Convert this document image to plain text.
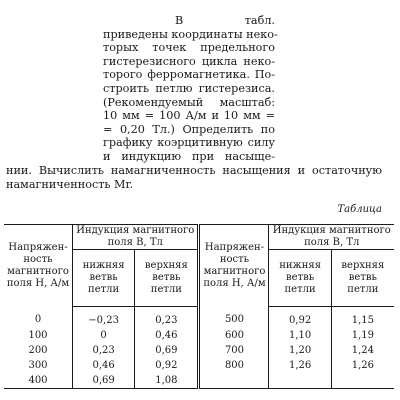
В табл.
приведены координаты неко-
торых точек предельного
гистерезисного цикла неко-
торого ферромагнетика. По-
строить петлю гистерезиса.
(Рекомендуемый масштаб:
10 мм = 100 А/м и 10 мм =
= 0,20 Тл.) Определить по
графику коэрцитивную силу
и индукцию при насыще-
нии. Вычислить намагниченность насыщения и остаточную
намагниченность Mr.
Таблица
Напряжен-ность магнитного поля H, А/м	Индукция магнитного поля B, Тл		Напряжен-ность магнитного поля H, А/м	Индукция магнитного поля B, Тл	
	нижняя ветвь петли	верхняя ветвь петли		нижняя ветвь петли	верхняя ветвь петли
0	−0,23	0,23	500	0,92	1,15
100	0	0,46	600	1,10	1,19
200	0,23	0,69	700	1,20	1,24
300	0,46	0,92	800	1,26	1,26
400	0,69	1,08			
